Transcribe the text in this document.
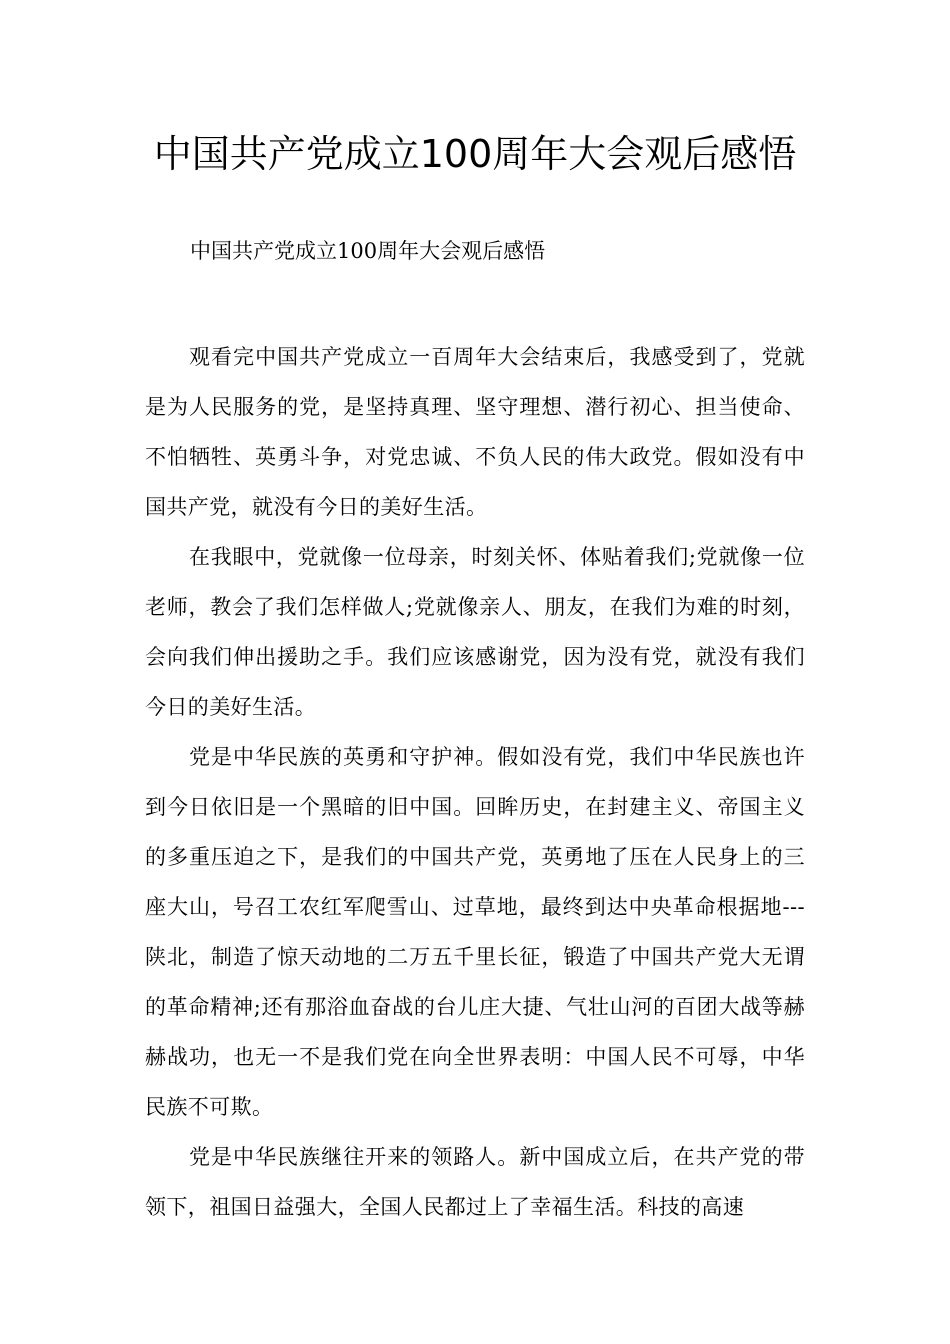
中国共产党成立100周年大会观后感悟

中国共产党成立100周年大会观后感悟

观看完中国共产党成立一百周年大会结束后，我感受到了，党就是为人民服务的党，是坚持真理、坚守理想、潜行初心、担当使命、不怕牺牲、英勇斗争，对党忠诚、不负人民的伟大政党。假如没有中国共产党，就没有今日的美好生活。

在我眼中，党就像一位母亲，时刻关怀、体贴着我们;党就像一位老师，教会了我们怎样做人;党就像亲人、朋友，在我们为难的时刻，会向我们伸出援助之手。我们应该感谢党，因为没有党，就没有我们今日的美好生活。

党是中华民族的英勇和守护神。假如没有党，我们中华民族也许到今日依旧是一个黑暗的旧中国。回眸历史，在封建主义、帝国主义的多重压迫之下，是我们的中国共产党，英勇地了压在人民身上的三座大山，号召工农红军爬雪山、过草地，最终到达中央革命根据地---陕北，制造了惊天动地的二万五千里长征，锻造了中国共产党大无谓的革命精神;还有那浴血奋战的台儿庄大捷、气壮山河的百团大战等赫赫战功，也无一不是我们党在向全世界表明：中国人民不可辱，中华民族不可欺。

党是中华民族继往开来的领路人。新中国成立后，在共产党的带领下，祖国日益强大，全国人民都过上了幸福生活。科技的高速
